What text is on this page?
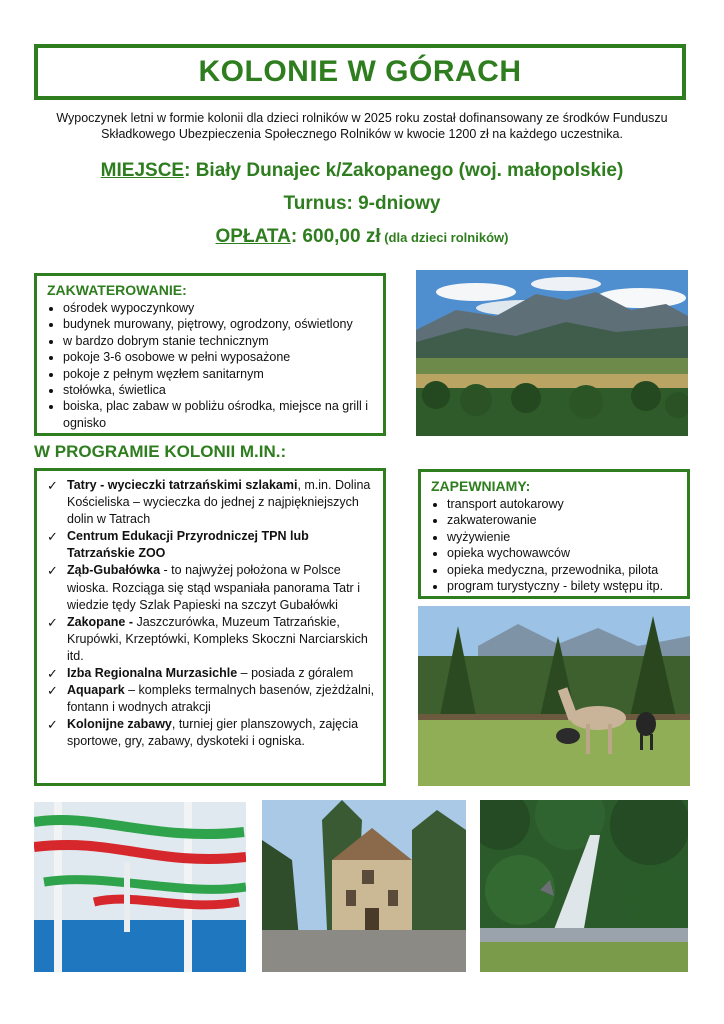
KOLONIE W GÓRACH
Wypoczynek letni w formie kolonii dla dzieci rolników w 2025 roku został dofinansowany ze środków Funduszu Składkowego Ubezpieczenia Społecznego Rolników w kwocie 1200 zł na każdego uczestnika.
MIEJSCE: Biały Dunajec k/Zakopanego (woj. małopolskie)
Turnus: 9-dniowy
OPŁATA: 600,00 zł (dla dzieci rolników)
ZAKWATEROWANIE:
• ośrodek wypoczynkowy
• budynek murowany, piętrowy, ogrodzony, oświetlony
• w bardzo dobrym stanie technicznym
• pokoje 3-6 osobowe w pełni wyposażone
• pokoje z pełnym węzłem sanitarnym
• stołówka, świetlica
• boiska, plac zabaw w pobliżu ośrodka, miejsce na grill i ognisko
W PROGRAMIE KOLONII M.IN.:
✓ Tatry - wycieczki tatrzańskimi szlakami, m.in. Dolina Kościeliska – wycieczka do jednej z najpiękniejszych dolin w Tatrach
✓ Centrum Edukacji Przyrodniczej TPN lub Tatrzańskie ZOO
✓ Ząb-Gubałówka - to najwyżej położona w Polsce wioska. Rozciąga się stąd wspaniała panorama Tatr i wiedzie tędy Szlak Papieski na szczyt Gubałówki
✓ Zakopane - Jaszczurówka, Muzeum Tatrzańskie, Krupówki, Krzeptówki, Kompleks Skoczni Narciarskich itd.
✓ Izba Regionalna Murzasichle – posiada z góralem
✓ Aquapark – kompleks termalnych basenów, zjeżdżalni, fontann i wodnych atrakcji
✓ Kolonijne zabawy, turniej gier planszowych, zajęcia sportowe, gry, zabawy, dyskoteki i ogniska.
ZAPEWNIAMY:
• transport autokarowy
• zakwaterowanie
• wyżywienie
• opieka wychowawców
• opieka medyczna, przewodnika, pilota
• program turystyczny - bilety wstępu itp.
